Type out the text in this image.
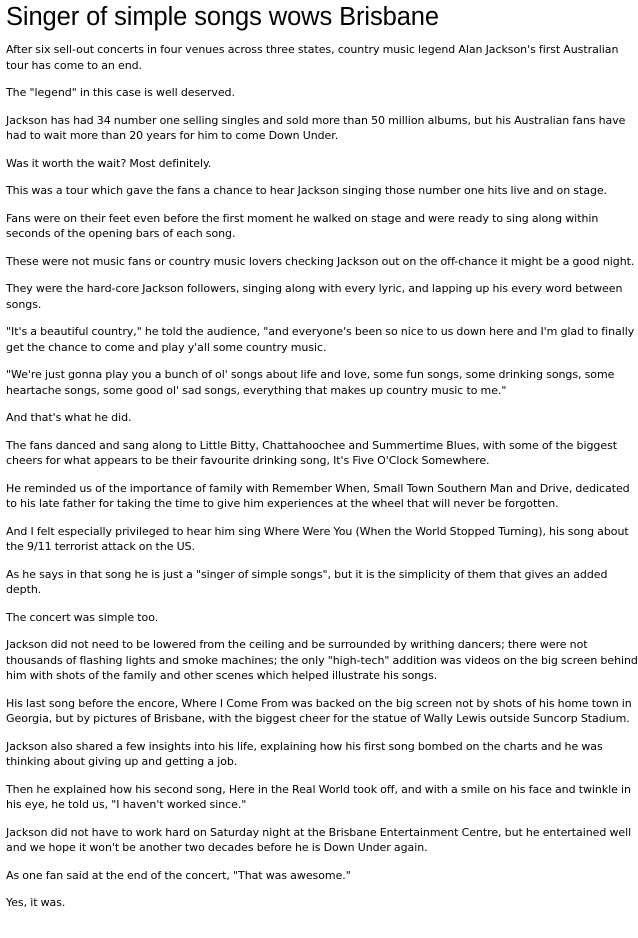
Singer of simple songs wows Brisbane

After six sell-out concerts in four venues across three states, country music legend Alan Jackson's first Australian tour has come to an end.

The "legend" in this case is well deserved.

Jackson has had 34 number one selling singles and sold more than 50 million albums, but his Australian fans have had to wait more than 20 years for him to come Down Under.

Was it worth the wait? Most definitely.

This was a tour which gave the fans a chance to hear Jackson singing those number one hits live and on stage.

Fans were on their feet even before the first moment he walked on stage and were ready to sing along within seconds of the opening bars of each song.

These were not music fans or country music lovers checking Jackson out on the off-chance it might be a good night.

They were the hard-core Jackson followers, singing along with every lyric, and lapping up his every word between songs.

"It's a beautiful country," he told the audience, "and everyone's been so nice to us down here and I'm glad to finally get the chance to come and play y'all some country music.

"We're just gonna play you a bunch of ol' songs about life and love, some fun songs, some drinking songs, some heartache songs, some good ol' sad songs, everything that makes up country music to me."

And that's what he did.

The fans danced and sang along to Little Bitty, Chattahoochee and Summertime Blues, with some of the biggest cheers for what appears to be their favourite drinking song, It's Five O'Clock Somewhere.

He reminded us of the importance of family with Remember When, Small Town Southern Man and Drive, dedicated to his late father for taking the time to give him experiences at the wheel that will never be forgotten.

And I felt especially privileged to hear him sing Where Were You (When the World Stopped Turning), his song about the 9/11 terrorist attack on the US.

As he says in that song he is just a "singer of simple songs", but it is the simplicity of them that gives an added depth.

The concert was simple too.

Jackson did not need to be lowered from the ceiling and be surrounded by writhing dancers; there were not thousands of flashing lights and smoke machines; the only "high-tech" addition was videos on the big screen behind him with shots of the family and other scenes which helped illustrate his songs.

His last song before the encore, Where I Come From was backed on the big screen not by shots of his home town in Georgia, but by pictures of Brisbane, with the biggest cheer for the statue of Wally Lewis outside Suncorp Stadium.

Jackson also shared a few insights into his life, explaining how his first song bombed on the charts and he was thinking about giving up and getting a job.

Then he explained how his second song, Here in the Real World took off, and with a smile on his face and twinkle in his eye, he told us, "I haven't worked since."

Jackson did not have to work hard on Saturday night at the Brisbane Entertainment Centre, but he entertained well and we hope it won't be another two decades before he is Down Under again.

As one fan said at the end of the concert, "That was awesome."

Yes, it was.
